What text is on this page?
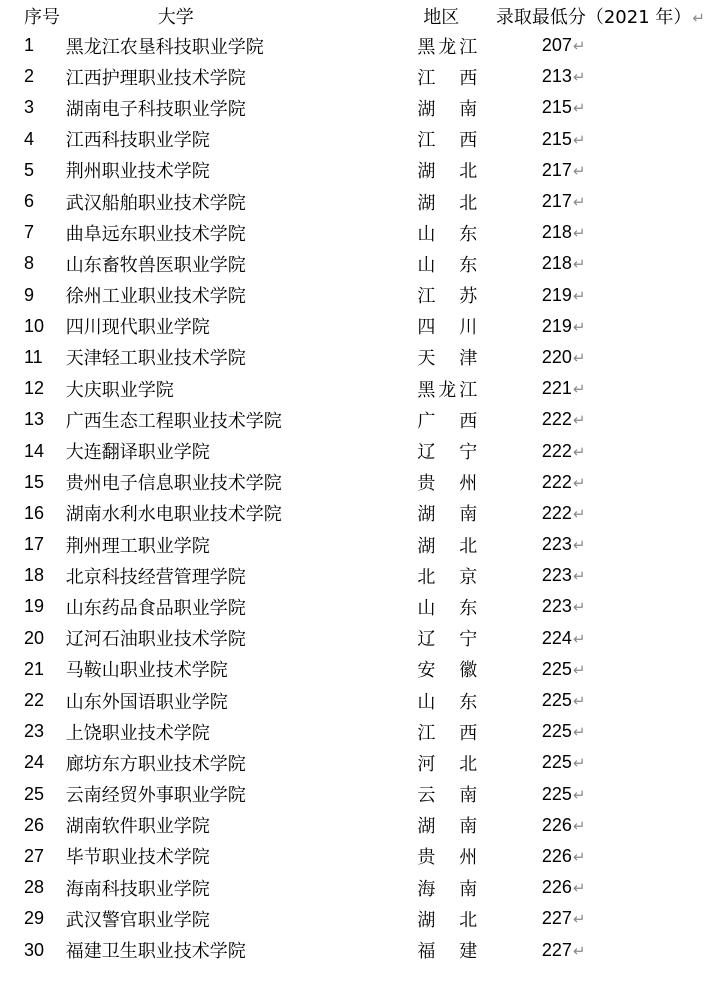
序号	大学	地区	录取最低分（2021 年）↵
1	黑龙江农垦科技职业学院	黑龙江	207↵
2	江西护理职业技术学院	江　西	213↵
3	湖南电子科技职业学院	湖　南	215↵
4	江西科技职业学院	江　西	215↵
5	荆州职业技术学院	湖　北	217↵
6	武汉船舶职业技术学院	湖　北	217↵
7	曲阜远东职业技术学院	山　东	218↵
8	山东畜牧兽医职业学院	山　东	218↵
9	徐州工业职业技术学院	江　苏	219↵
10	四川现代职业学院	四　川	219↵
11	天津轻工职业技术学院	天　津	220↵
12	大庆职业学院	黑龙江	221↵
13	广西生态工程职业技术学院	广　西	222↵
14	大连翻译职业学院	辽　宁	222↵
15	贵州电子信息职业技术学院	贵　州	222↵
16	湖南水利水电职业技术学院	湖　南	222↵
17	荆州理工职业学院	湖　北	223↵
18	北京科技经营管理学院	北　京	223↵
19	山东药品食品职业学院	山　东	223↵
20	辽河石油职业技术学院	辽　宁	224↵
21	马鞍山职业技术学院	安　徽	225↵
22	山东外国语职业学院	山　东	225↵
23	上饶职业技术学院	江　西	225↵
24	廊坊东方职业技术学院	河　北	225↵
25	云南经贸外事职业学院	云　南	225↵
26	湖南软件职业学院	湖　南	226↵
27	毕节职业技术学院	贵　州	226↵
28	海南科技职业学院	海　南	226↵
29	武汉警官职业学院	湖　北	227↵
30	福建卫生职业技术学院	福　建	227↵
